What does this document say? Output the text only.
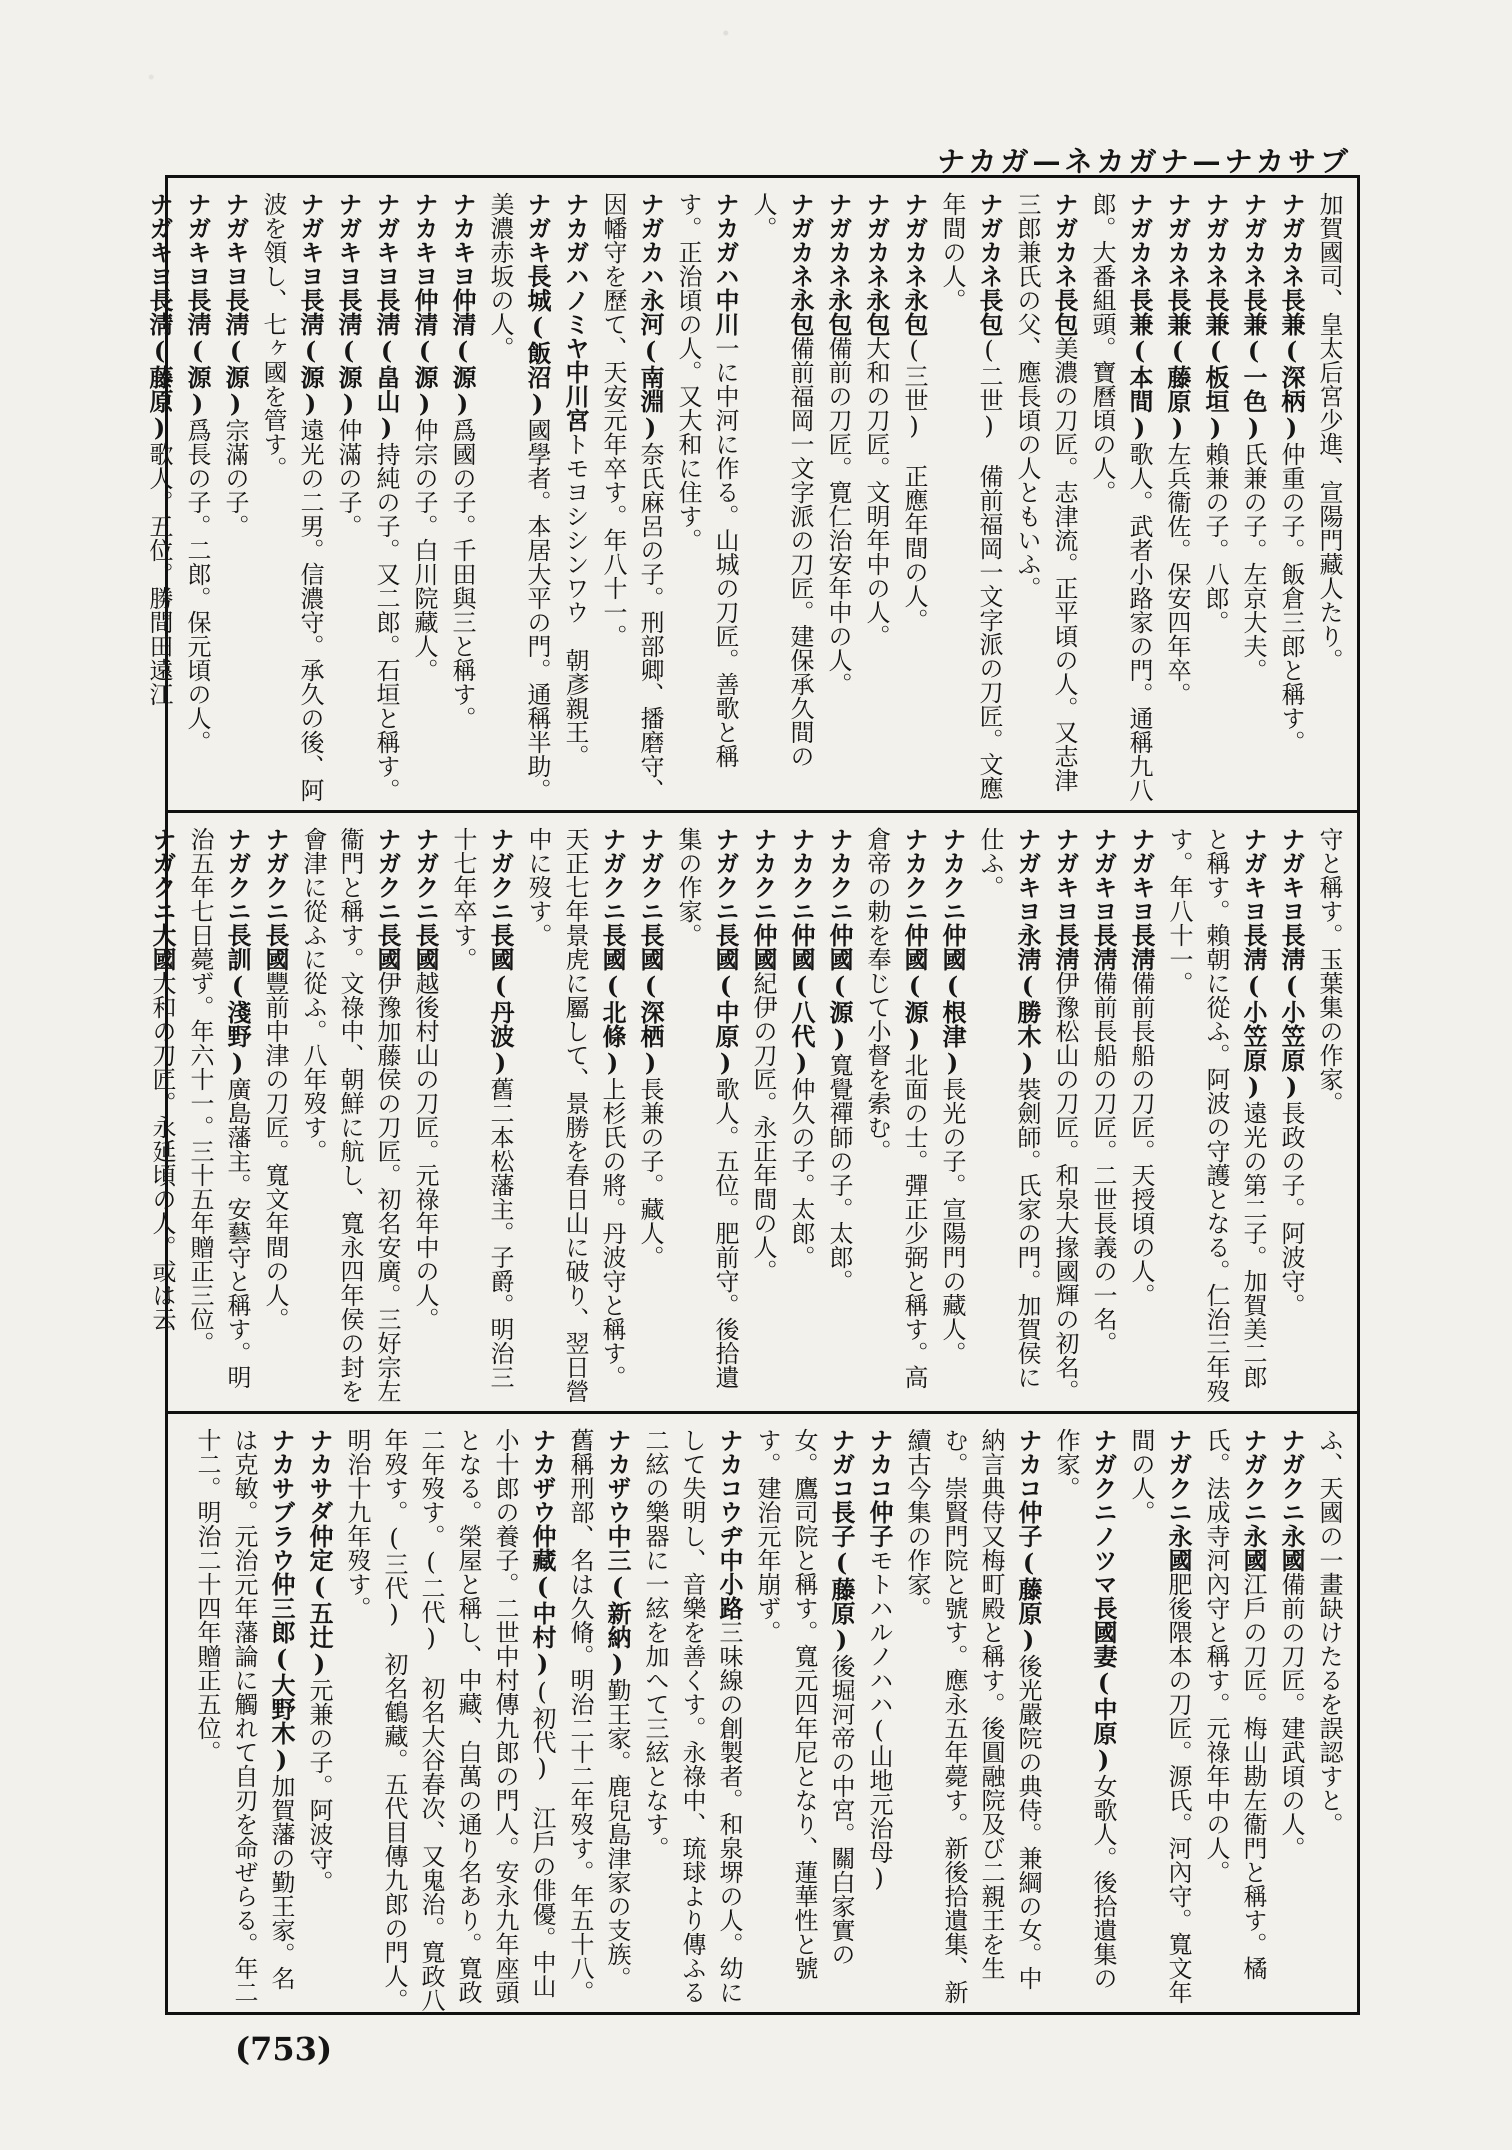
ナカガ—ネカガナ—ナカサブ

加賀國司、皇太后宮少進、宣陽門藏人たり。

ナガカネ長兼(深柄)仲重の子。飯倉三郎と稱す。

ナガカネ長兼(一色)氏兼の子。左京大夫。

ナガカネ長兼(板垣)賴兼の子。八郎。

ナガカネ長兼(藤原)左兵衞佐。保安四年卒。

ナガカネ長兼(本間)歌人。武者小路家の門。通稱九八郎。大番組頭。寶曆頃の人。

ナガカネ長包美濃の刀匠。志津流。正平頃の人。又志津三郎兼氏の父、應長頃の人ともいふ。

ナガカネ長包(二世)　備前福岡一文字派の刀匠。文應年間の人。

ナガカネ永包(三世)　正應年間の人。

ナガカネ永包大和の刀匠。文明年中の人。

ナガカネ永包備前の刀匠。寛仁治安年中の人。

ナガカネ永包備前福岡一文字派の刀匠。建保承久間の人。

ナカガハ中川一に中河に作る。山城の刀匠。善歌と稱す。正治頃の人。又大和に住す。

ナガカハ永河(南淵)奈氏麻呂の子。刑部卿、播磨守、因幡守を歷て、天安元年卒す。年八十一。

ナカガハノミヤ中川宮トモヨシシンワウ　朝彥親王。

ナガキ長城(飯沼)國學者。本居大平の門。通稱半助。美濃赤坂の人。

ナカキヨ仲清(源)爲國の子。千田與三と稱す。

ナカキヨ仲清(源)仲宗の子。白川院藏人。

ナガキヨ長淸(畠山)持純の子。又二郎。石垣と稱す。

ナガキヨ長淸(源)仲滿の子。

ナガキヨ長淸(源)遠光の二男。信濃守。承久の後、阿波を領し、七ヶ國を管す。

ナガキヨ長淸(源)宗滿の子。

ナガキヨ長淸(源)爲長の子。二郎。保元頃の人。

ナガキヨ長淸(藤原)歌人。五位。勝間田遠江

守と稱す。玉葉集の作家。

ナガキヨ長淸(小笠原)長政の子。阿波守。

ナガキヨ長淸(小笠原)遠光の第二子。加賀美二郎と稱す。賴朝に從ふ。阿波の守護となる。仁治三年歿す。年八十一。

ナガキヨ長淸備前長船の刀匠。天授頃の人。

ナガキヨ長淸備前長船の刀匠。二世長義の一名。

ナガキヨ長淸伊豫松山の刀匠。和泉大掾國輝の初名。

ナガキヨ永淸(勝木)裝劍師。氏家の門。加賀侯に仕ふ。

ナカクニ仲國(根津)長光の子。宣陽門の藏人。

ナカクニ仲國(源)北面の士。彈正少弼と稱す。高倉帝の勅を奉じて小督を索む。

ナカクニ仲國(源)寬覺禪師の子。太郎。

ナカクニ仲國(八代)仲久の子。太郎。

ナカクニ仲國紀伊の刀匠。永正年間の人。

ナガクニ長國(中原)歌人。五位。肥前守。後拾遺集の作家。

ナガクニ長國(深栖)長兼の子。藏人。

ナガクニ長國(北條)上杉氏の將。丹波守と稱す。天正七年景虎に屬して、景勝を春日山に破り、翌日營中に歿す。

ナガクニ長國(丹波)舊二本松藩主。子爵。明治三十七年卒す。

ナガクニ長國越後村山の刀匠。元祿年中の人。

ナガクニ長國伊豫加藤侯の刀匠。初名安廣。三好宗左衞門と稱す。文祿中、朝鮮に航し、寬永四年侯の封を會津に從ふに從ふ。八年歿す。

ナガクニ長國豐前中津の刀匠。寬文年間の人。

ナガクニ長訓(淺野)廣島藩主。安藝守と稱す。明治五年七日薨ず。年六十一。三十五年贈正三位。

ナガクニ大國大和の刀匠。永延頃の人。或は云

ふ、天國の一畫缺けたるを誤認すと。

ナガクニ永國備前の刀匠。建武頃の人。

ナガクニ永國江戶の刀匠。梅山勘左衞門と稱す。橘氏。法成寺河內守と稱す。元祿年中の人。

ナガクニ永國肥後隈本の刀匠。源氏。河內守。寬文年間の人。

ナガクニノツマ長國妻(中原)女歌人。後拾遺集の作家。

ナカコ仲子(藤原)後光嚴院の典侍。兼綱の女。中納言典侍又梅町殿と稱す。後圓融院及び二親王を生む。崇賢門院と號す。應永五年薨す。新後拾遺集、新續古今集の作家。

ナカコ仲子モトハルノハハ(山地元治母)

ナガコ長子(藤原)後堀河帝の中宮。關白家實の女。鷹司院と稱す。寬元四年尼となり、蓮華性と號す。建治元年崩ず。

ナカコウヂ中小路三味線の創製者。和泉堺の人。幼にして失明し、音樂を善くす。永祿中、琉球より傳ふる二絃の樂器に一絃を加へて三絃となす。

ナカザウ中三(新納)勤王家。鹿兒島津家の支族。舊稱刑部、名は久脩。明治二十二年歿す。年五十八。

ナカザウ仲藏(中村)(初代)　江戶の俳優。中山小十郎の養子。二世中村傳九郎の門人。安永九年座頭となる。榮屋と稱し、中藏、白萬の通り名あり。寬政二年歿す。(二代)　初名大谷春次、又鬼治。寬政八年歿す。(三代)　初名鶴藏。五代目傳九郎の門人。明治十九年歿す。

ナカサダ仲定(五辻)元兼の子。阿波守。

ナカサブラウ仲三郎(大野木)加賀藩の勤王家。名は克敏。元治元年藩論に觸れて自刃を命ぜらる。年二十二。明治二十四年贈正五位。

(753)
